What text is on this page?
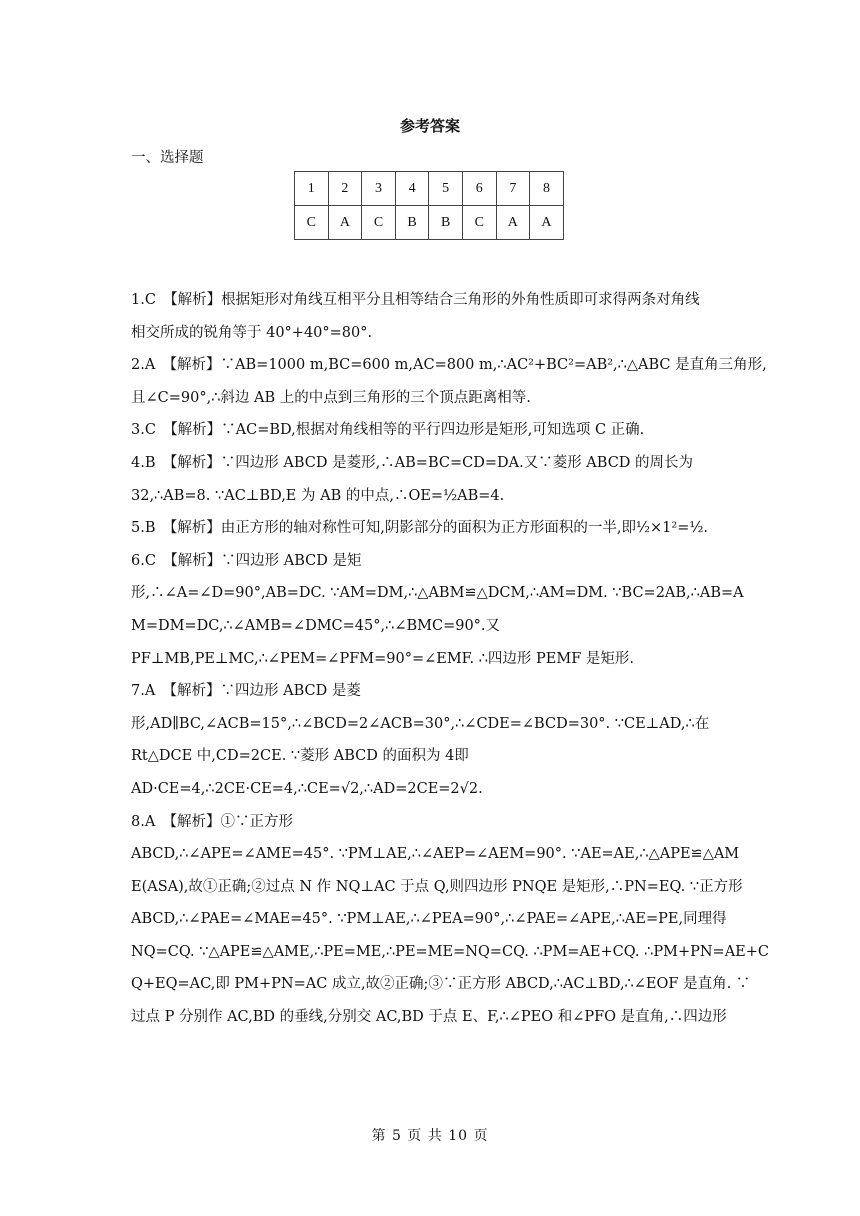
参考答案
一、选择题
1	2	3	4	5	6	7	8
C	A	C	B	B	C	A	A
1.C　【解析】根据矩形对角线互相平分且相等结合三角形的外角性质即可求得两条对角线
相交所成的锐角等于 40°+40°=80°.
2.A　【解析】∵AB=1000 m,BC=600 m,AC=800 m,∴AC²+BC²=AB²,∴△ABC 是直角三角形,
且∠C=90°,∴斜边 AB 上的中点到三角形的三个顶点距离相等.
3.C　【解析】∵AC=BD,根据对角线相等的平行四边形是矩形,可知选项 C 正确.
4.B　【解析】∵四边形 ABCD 是菱形,∴AB=BC=CD=DA.又∵菱形 ABCD 的周长为
32,∴AB=8. ∵AC⊥BD,E 为 AB 的中点,∴OE=½AB=4.
5.B　【解析】由正方形的轴对称性可知,阴影部分的面积为正方形面积的一半,即½×1²=½.
6.C　【解析】∵四边形 ABCD 是矩
形,∴∠A=∠D=90°,AB=DC. ∵AM=DM,∴△ABM≌△DCM,∴AM=DM. ∵BC=2AB,∴AB=A
M=DM=DC,∴∠AMB=∠DMC=45°,∴∠BMC=90°.又
PF⊥MB,PE⊥MC,∴∠PEM=∠PFM=90°=∠EMF. ∴四边形 PEMF 是矩形.
7.A　【解析】∵四边形 ABCD 是菱
形,AD∥BC,∠ACB=15°,∴∠BCD=2∠ACB=30°,∴∠CDE=∠BCD=30°. ∵CE⊥AD,∴在
Rt△DCE 中,CD=2CE. ∵菱形 ABCD 的面积为 4即
AD·CE=4,∴2CE·CE=4,∴CE=√2,∴AD=2CE=2√2.
8.A　【解析】①∵正方形
ABCD,∴∠APE=∠AME=45°. ∵PM⊥AE,∴∠AEP=∠AEM=90°. ∵AE=AE,∴△APE≌△AM
E(ASA),故①正确;②过点 N 作 NQ⊥AC 于点 Q,则四边形 PNQE 是矩形,∴PN=EQ. ∵正方形
ABCD,∴∠PAE=∠MAE=45°. ∵PM⊥AE,∴∠PEA=90°,∴∠PAE=∠APE,∴AE=PE,同理得
NQ=CQ. ∵△APE≌△AME,∴PE=ME,∴PE=ME=NQ=CQ. ∴PM=AE+CQ. ∴PM+PN=AE+C
Q+EQ=AC,即 PM+PN=AC 成立,故②正确;③∵正方形 ABCD,∴AC⊥BD,∴∠EOF 是直角. ∵
过点 P 分别作 AC,BD 的垂线,分别交 AC,BD 于点 E、F,∴∠PEO 和∠PFO 是直角,∴四边形
第 5 页 共 10 页
